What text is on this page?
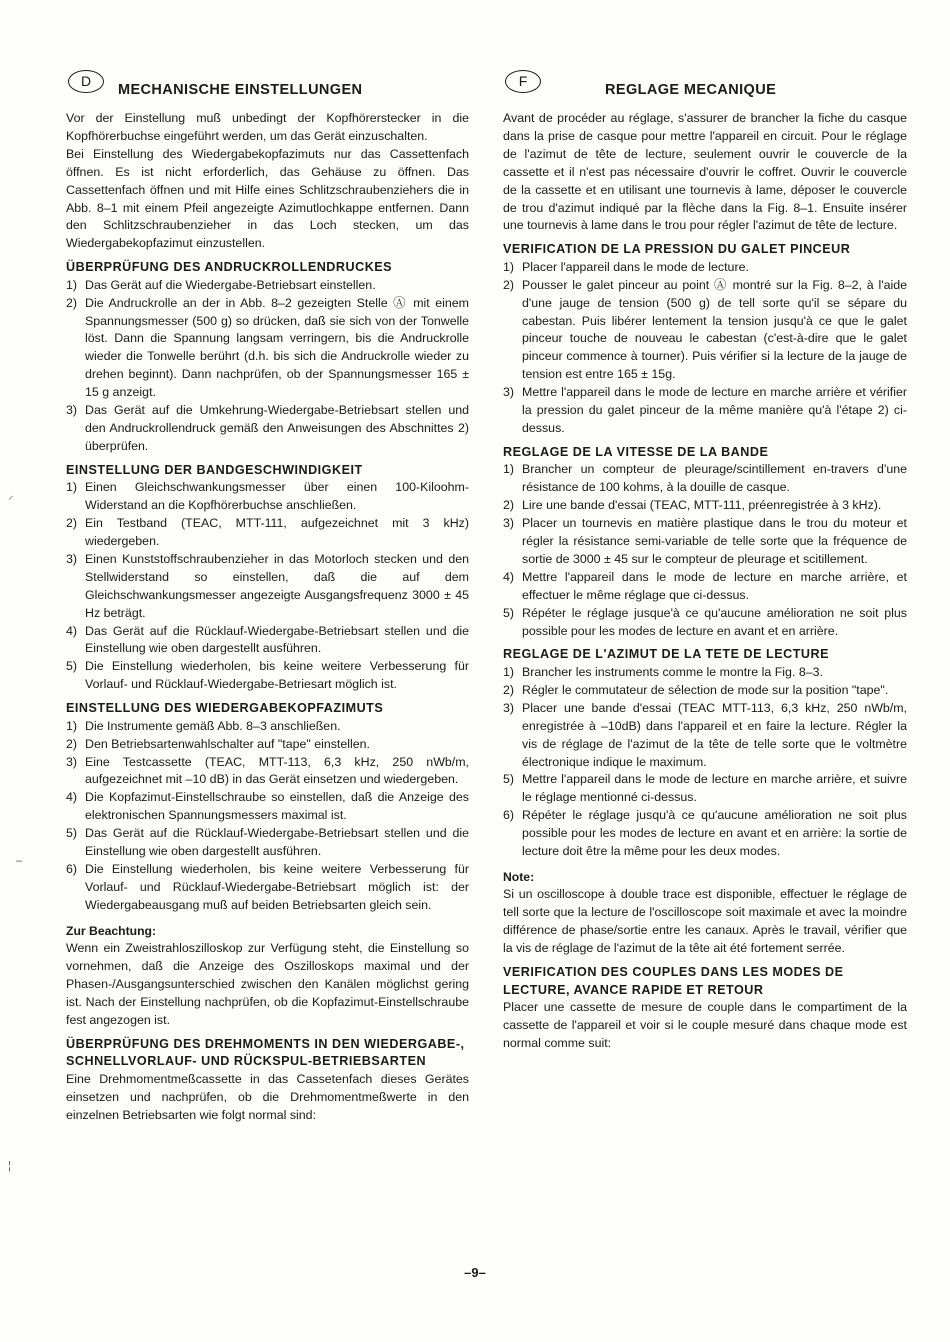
D
MECHANISCHE EINSTELLUNGEN

Vor der Einstellung muß unbedingt der Kopfhörerstecker in die Kopfhörerbuchse eingeführt werden, um das Gerät einzuschalten.

Bei Einstellung des Wiedergabekopfazimuts nur das Cassettenfach öffnen. Es ist nicht erforderlich, das Gehäuse zu öffnen. Das Cassettenfach öffnen und mit Hilfe eines Schlitzschraubenziehers die in Abb. 8–1 mit einem Pfeil angezeigte Azimutlochkappe entfernen. Dann den Schlitzschraubenzieher in das Loch stecken, um das Wiedergabekopfazimut einzustellen.

ÜBERPRÜFUNG DES ANDRUCKROLLENDRUCKES
1) Das Gerät auf die Wiedergabe-Betriebsart einstellen.
2) Die Andruckrolle an der in Abb. 8–2 gezeigten Stelle Ⓐ mit einem Spannungsmesser (500 g) so drücken, daß sie sich von der Tonwelle löst. Dann die Spannung langsam verringern, bis die Andruckrolle wieder die Tonwelle berührt (d.h. bis sich die Andruckrolle wieder zu drehen beginnt). Dann nachprüfen, ob der Spannungsmesser 165 ± 15 g anzeigt.
3) Das Gerät auf die Umkehrung-Wiedergabe-Betriebsart stellen und den Andruckrollendruck gemäß den Anweisungen des Abschnittes 2) überprüfen.
EINSTELLUNG DER BANDGESCHWINDIGKEIT
1) Einen Gleichschwankungsmesser über einen 100-Kiloohm-Widerstand an die Kopfhörerbuchse anschließen.
2) Ein Testband (TEAC, MTT-111, aufgezeichnet mit 3 kHz) wiedergeben.
3) Einen Kunststoffschraubenzieher in das Motorloch stecken und den Stellwiderstand so einstellen, daß die auf dem Gleichschwankungsmesser angezeigte Ausgangsfrequenz 3000 ± 45 Hz beträgt.
4) Das Gerät auf die Rücklauf-Wiedergabe-Betriebsart stellen und die Einstellung wie oben dargestellt ausführen.
5) Die Einstellung wiederholen, bis keine weitere Verbesserung für Vorlauf- und Rücklauf-Wiedergabe-Betriesart möglich ist.
EINSTELLUNG DES WIEDERGABEKOPFAZIMUTS
1) Die Instrumente gemäß Abb. 8–3 anschließen.
2) Den Betriebsartenwahlschalter auf "tape" einstellen.
3) Eine Testcassette (TEAC, MTT-113, 6,3 kHz, 250 nWb/m, aufgezeichnet mit –10 dB) in das Gerät einsetzen und wiedergeben.
4) Die Kopfazimut-Einstellschraube so einstellen, daß die Anzeige des elektronischen Spannungsmessers maximal ist.
5) Das Gerät auf die Rücklauf-Wiedergabe-Betriebsart stellen und die Einstellung wie oben dargestellt ausführen.
6) Die Einstellung wiederholen, bis keine weitere Verbesserung für Vorlauf- und Rücklauf-Wiedergabe-Betriebsart möglich ist: der Wiedergabeausgang muß auf beiden Betriebsarten gleich sein.
Zur Beachtung:

Wenn ein Zweistrahloszilloskop zur Verfügung steht, die Einstellung so vornehmen, daß die Anzeige des Oszilloskops maximal und der Phasen-/Ausgangsunterschied zwischen den Kanälen möglichst gering ist. Nach der Einstellung nachprüfen, ob die Kopfazimut-Einstellschraube fest angezogen ist.

ÜBERPRÜFUNG DES DREHMOMENTS IN DEN WIEDERGABE-, SCHNELLVORLAUF- UND RÜCKSPUL-BETRIEBSARTEN

Eine Drehmomentmeßcassette in das Cassetenfach dieses Gerätes einsetzen und nachprüfen, ob die Drehmomentmeßwerte in den einzelnen Betriebsarten wie folgt normal sind:

F
REGLAGE MECANIQUE

Avant de procéder au réglage, s'assurer de brancher la fiche du casque dans la prise de casque pour mettre l'appareil en circuit. Pour le réglage de l'azimut de tête de lecture, seulement ouvrir le couvercle de la cassette et il n'est pas nécessaire d'ouvrir le coffret. Ouvrir le couvercle de la cassette et en utilisant une tournevis à lame, déposer le couvercle de trou d'azimut indiqué par la flèche dans la Fig. 8–1. Ensuite insérer une tournevis à lame dans le trou pour régler l'azimut de tête de lecture.

VERIFICATION DE LA PRESSION DU GALET PINCEUR
1) Placer l'appareil dans le mode de lecture.
2) Pousser le galet pinceur au point Ⓐ montré sur la Fig. 8–2, à l'aide d'une jauge de tension (500 g) de tell sorte qu'il se sépare du cabestan. Puis libérer lentement la tension jusqu'à ce que le galet pinceur touche de nouveau le cabestan (c'est-à-dire que le galet pinceur commence à tourner). Puis vérifier si la lecture de la jauge de tension est entre 165 ± 15g.
3) Mettre l'appareil dans le mode de lecture en marche arrière et vérifier la pression du galet pinceur de la même manière qu'à l'étape 2) ci-dessus.
REGLAGE DE LA VITESSE DE LA BANDE
1) Brancher un compteur de pleurage/scintillement en-travers d'une résistance de 100 kohms, à la douille de casque.
2) Lire une bande d'essai (TEAC, MTT-111, préenregistrée à 3 kHz).
3) Placer un tournevis en matière plastique dans le trou du moteur et régler la résistance semi-variable de telle sorte que la fréquence de sortie de 3000 ± 45 sur le compteur de pleurage et scitillement.
4) Mettre l'appareil dans le mode de lecture en marche arrière, et effectuer le même réglage que ci-dessus.
5) Répéter le réglage jusque'à ce qu'aucune amélioration ne soit plus possible pour les modes de lecture en avant et en arrière.
REGLAGE DE L'AZIMUT DE LA TETE DE LECTURE
1) Brancher les instruments comme le montre la Fig. 8–3.
2) Régler le commutateur de sélection de mode sur la position "tape".
3) Placer une bande d'essai (TEAC MTT-113, 6,3 kHz, 250 nWb/m, enregistrée à –10dB) dans l'appareil et en faire la lecture. Régler la vis de réglage de l'azimut de la tête de telle sorte que le voltmètre électronique indique le maximum.
5) Mettre l'appareil dans le mode de lecture en marche arrière, et suivre le réglage mentionné ci-dessus.
6) Répéter le réglage jusqu'à ce qu'aucune amélioration ne soit plus possible pour les modes de lecture en avant et en arrière: la sortie de lecture doit être la même pour les deux modes.
Note:

Si un oscilloscope à double trace est disponible, effectuer le réglage de tell sorte que la lecture de l'oscilloscope soit maximale et avec la moindre différence de phase/sortie entre les canaux. Après le travail, vérifier que la vis de réglage de l'azimut de la tête ait été fortement serrée.

VERIFICATION DES COUPLES DANS LES MODES DE LECTURE, AVANCE RAPIDE ET RETOUR

Placer une cassette de mesure de couple dans le compartiment de la cassette de l'appareil et voir si le couple mesuré dans chaque mode est normal comme suit:

–9–
⸝
–
¦
